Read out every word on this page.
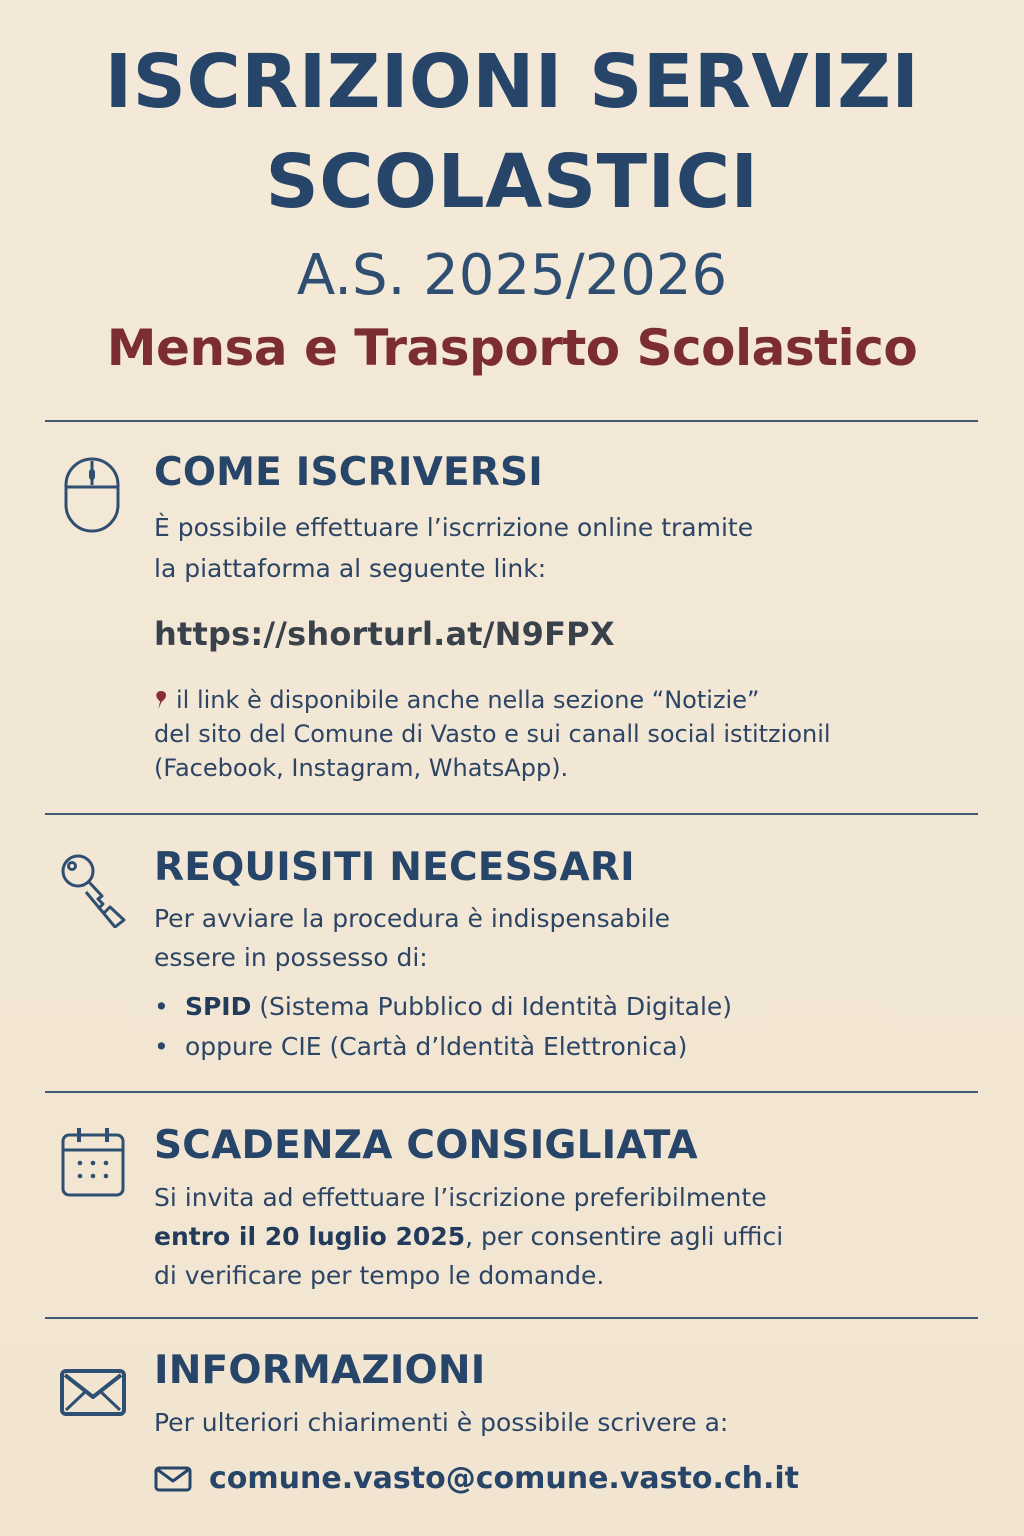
ISCRIZIONI SERVIZI
SCOLASTICI
A.S. 2025/2026
Mensa e Trasporto Scolastico
COME ISCRIVERSI
È possibile effettuare l’iscrrizione online tramite
la piattaforma al seguente link:
https://shorturl.at/N9FPX
il link è disponibile anche nella sezione “Notizie”
del sito del Comune di Vasto e sui canall social istitzionil
(Facebook, Instagram, WhatsApp).
REQUISITI NECESSARI
Per avviare la procedura è indispensabile
essere in possesso di:
• SPID (Sistema Pubblico di Identità Digitale)
• oppure CIE (Cartà d’ldentità Elettronica)
SCADENZA CONSIGLIATA
Si invita ad effettuare l’iscrizione preferibilmente
entro il 20 luglio 2025, per consentire agli uffici
di verificare per tempo le domande.
INFORMAZIONI
Per ulteriori chiarimenti è possibile scrivere a:
comune.vasto@comune.vasto.ch.it
